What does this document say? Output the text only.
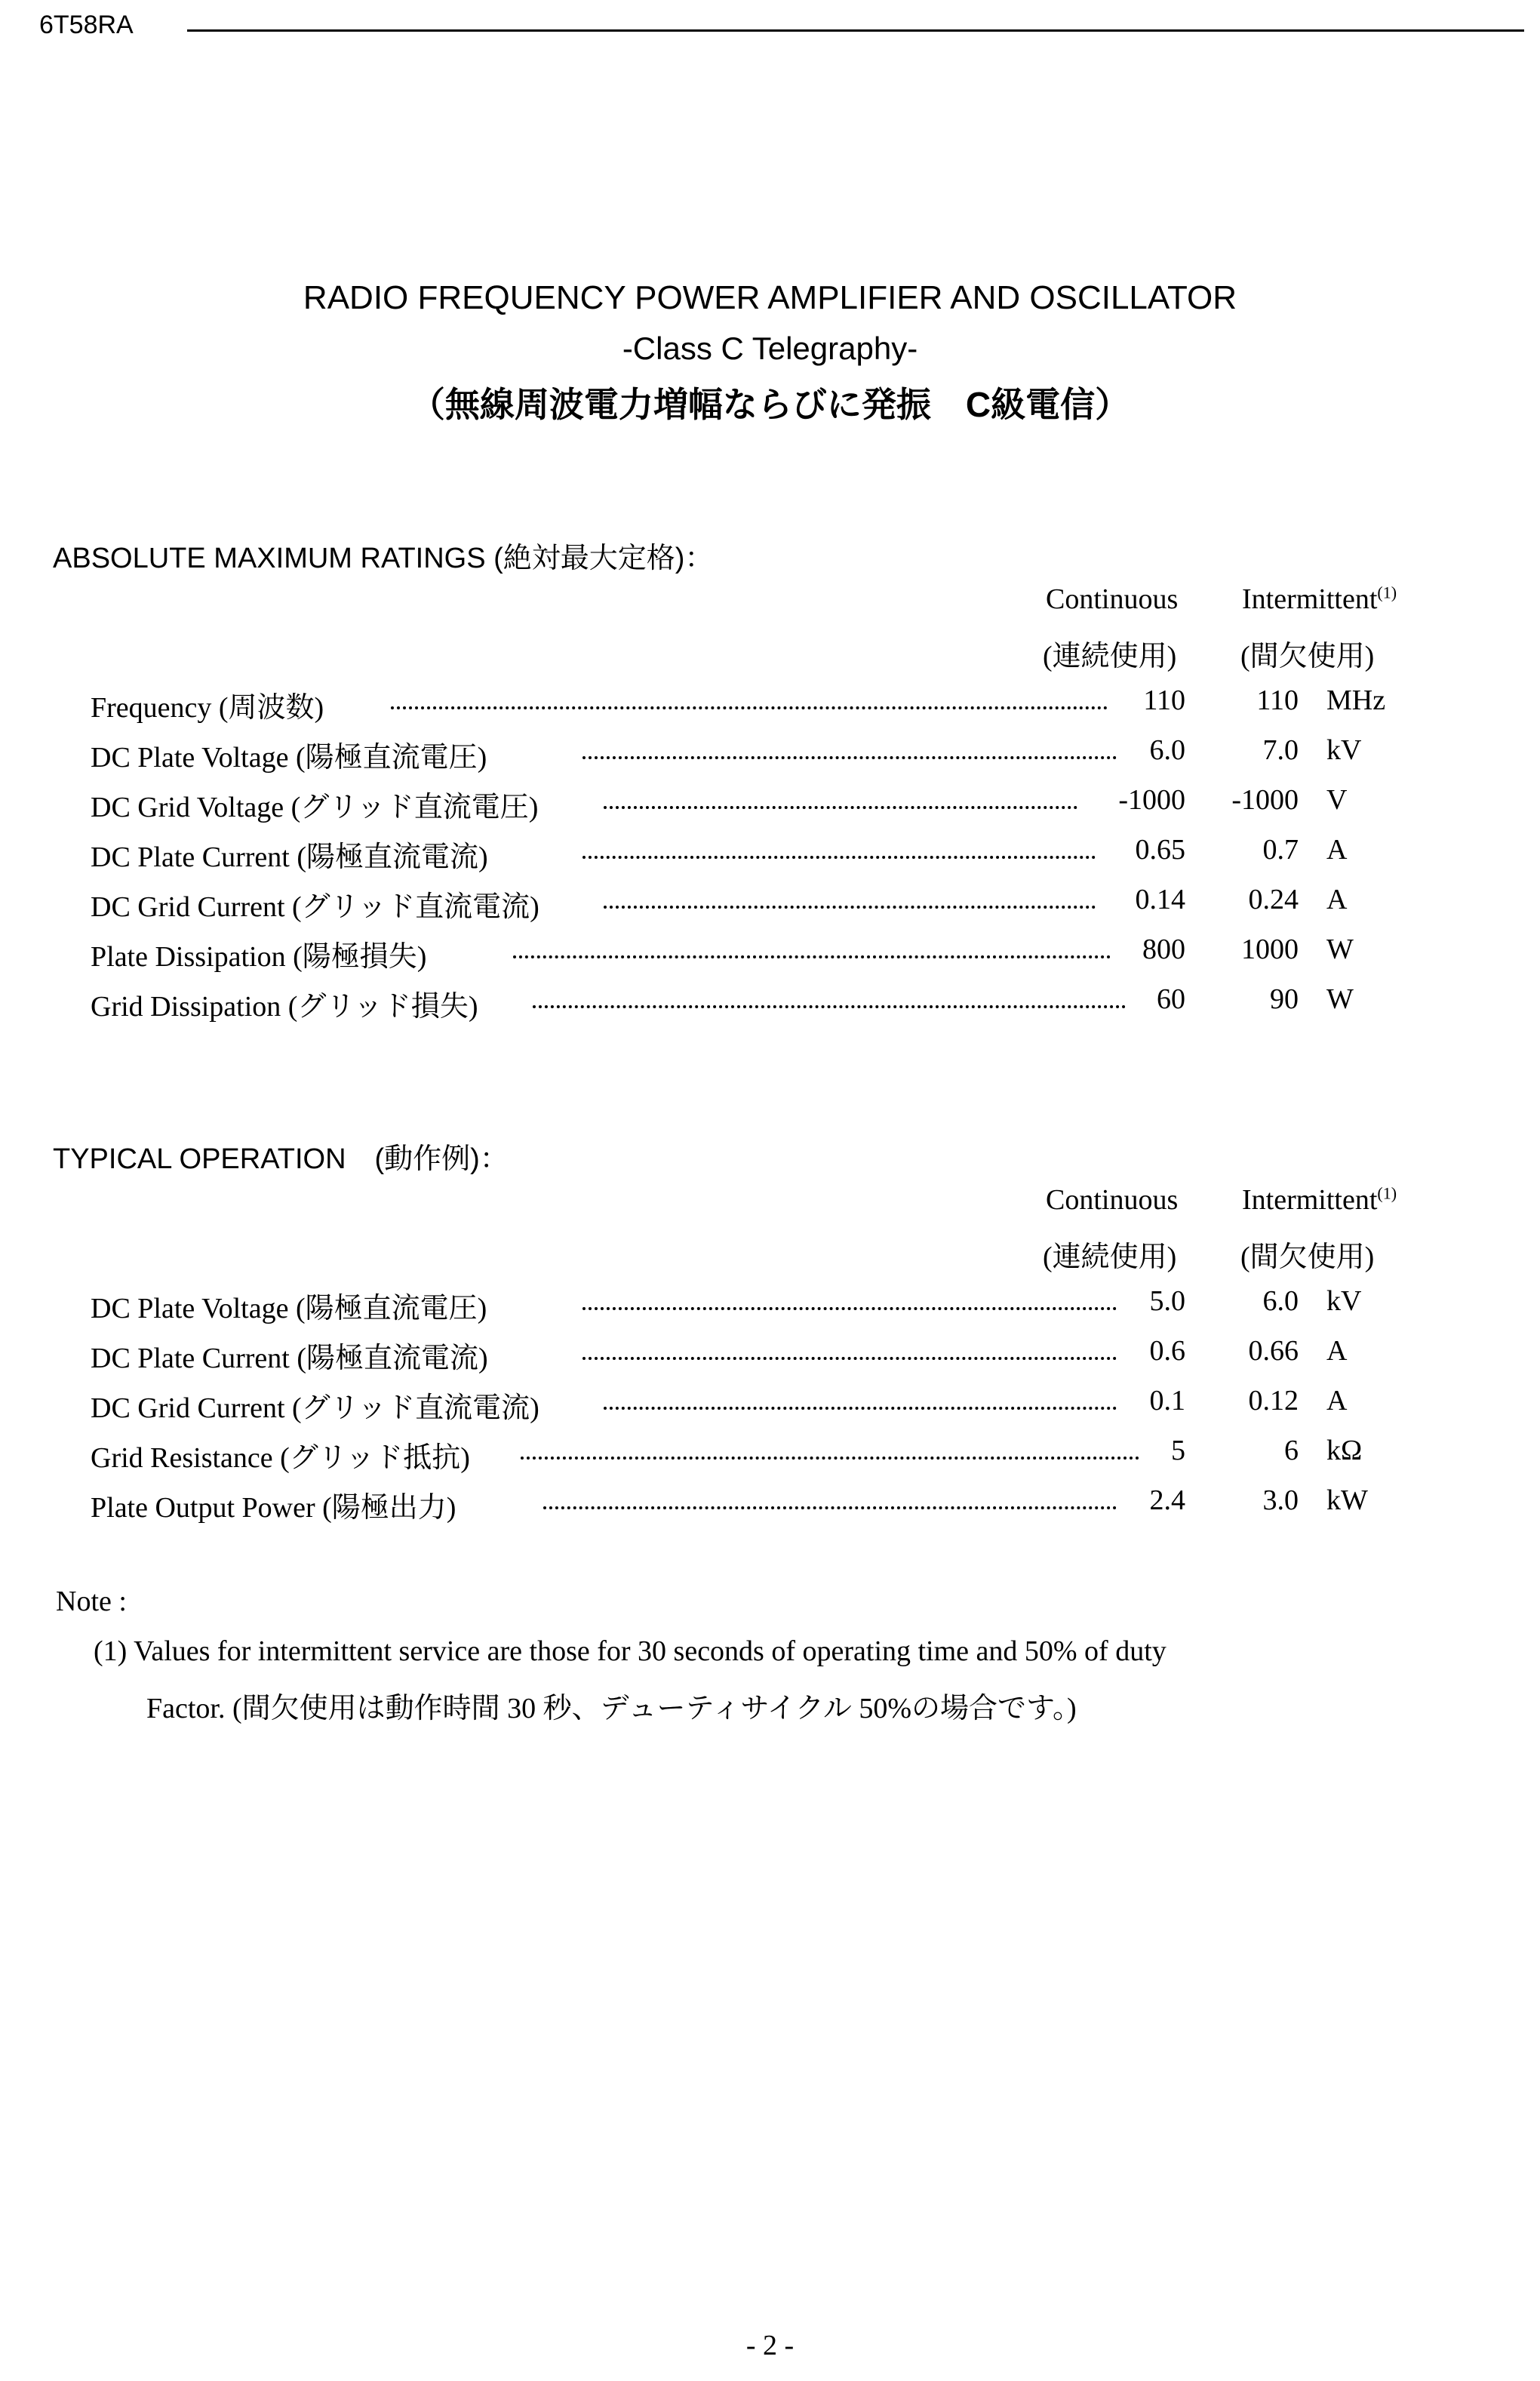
6T58RA
RADIO FREQUENCY POWER AMPLIFIER AND OSCILLATOR
-Class C Telegraphy-
（無線周波電力増幅ならびに発振　C級電信）
ABSOLUTE MAXIMUM RATINGS (絶対最大定格)：
Continuous Intermittent$^{(1)}$
(連続使用) (間欠使用)
Frequency (周波数)	110 110 MHz
DC Plate Voltage (陽極直流電圧)	6.0	7.0 kV
DC Grid Voltage (グリッド直流電圧)	-1000 -1000 V
DC Plate Current (陽極直流電流)	0.65	0.7 A
DC Grid Current (グリッド直流電流)	0.14 0.24 A
Plate Dissipation (陽極損失)	800 1000 W
Grid Dissipation (グリッド損失)	60	90 W
TYPICAL OPERATION　(動作例)：
Continuous Intermittent$^{(1)}$
(連続使用) (間欠使用)
DC Plate Voltage (陽極直流電圧)	5.0	6.0 kV
DC Plate Current (陽極直流電流)	0.6 0.66 A
DC Grid Current (グリッド直流電流)	0.1 0.12 A
Grid Resistance (グリッド抵抗)	5	6 kΩ
Plate Output Power (陽極出力)	2.4	3.0 kW
Note :
(1) Values for intermittent service are those for 30 seconds of operating time and 50% of duty
Factor. (間欠使用は動作時間 30 秒、デューティサイクル 50%の場合です。)
- 2 -
